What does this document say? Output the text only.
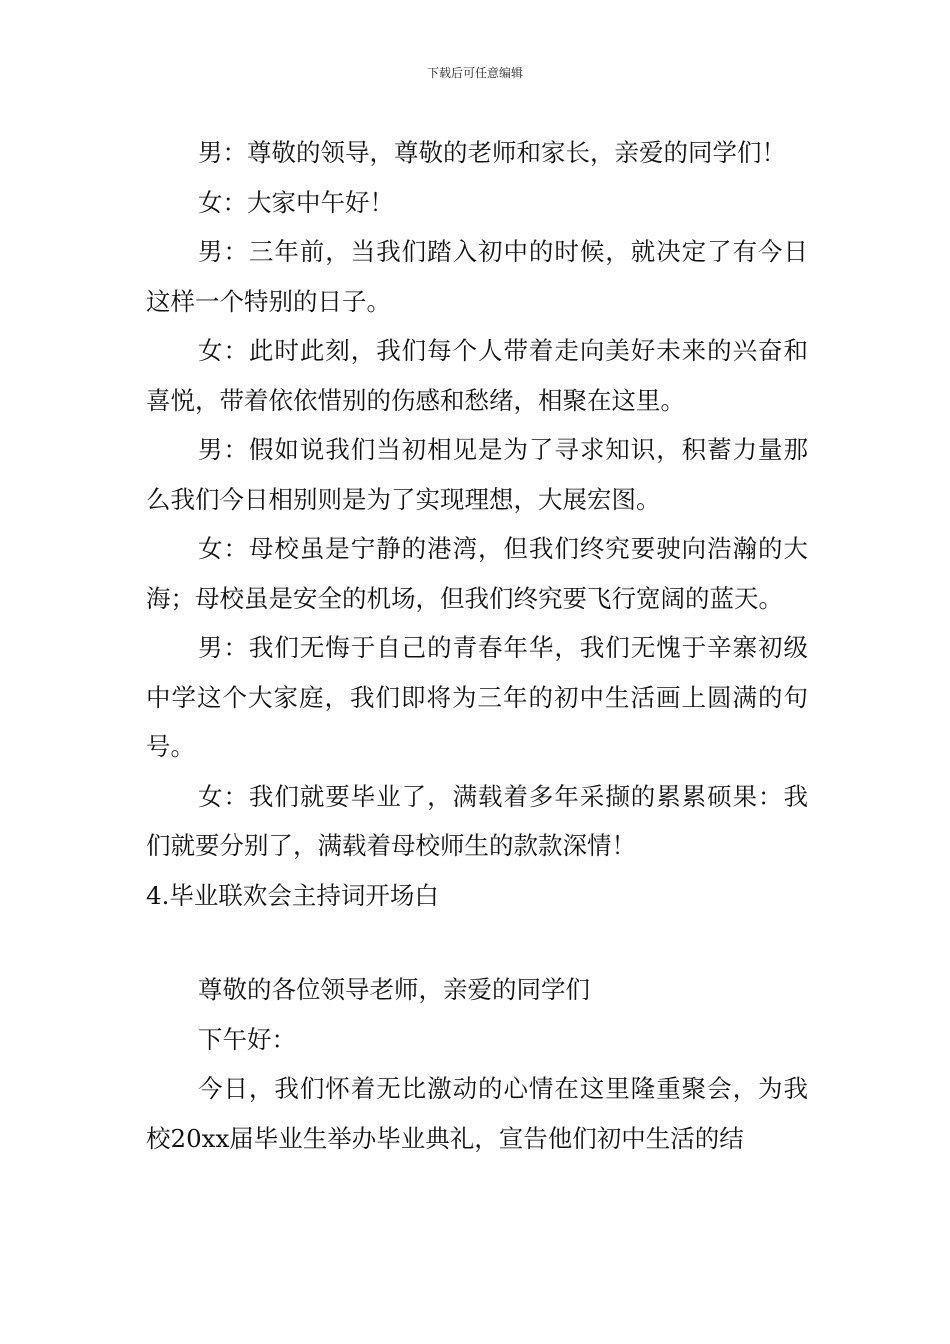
下载后可任意编辑

男：尊敬的领导，尊敬的老师和家长，亲爱的同学们！

女：大家中午好！

男：三年前，当我们踏入初中的时候，就决定了有今日这样一个特别的日子。

女：此时此刻，我们每个人带着走向美好未来的兴奋和喜悦，带着依依惜别的伤感和愁绪，相聚在这里。

男：假如说我们当初相见是为了寻求知识，积蓄力量那么我们今日相别则是为了实现理想，大展宏图。

女：母校虽是宁静的港湾，但我们终究要驶向浩瀚的大海；母校虽是安全的机场，但我们终究要飞行宽阔的蓝天。

男：我们无悔于自己的青春年华，我们无愧于辛寨初级中学这个大家庭，我们即将为三年的初中生活画上圆满的句号。

女：我们就要毕业了，满载着多年采撷的累累硕果：我们就要分别了，满载着母校师生的款款深情！

4.毕业联欢会主持词开场白

尊敬的各位领导老师，亲爱的同学们

下午好：

今日，我们怀着无比激动的心情在这里隆重聚会，为我校20xx届毕业生举办毕业典礼，宣告他们初中生活的结
